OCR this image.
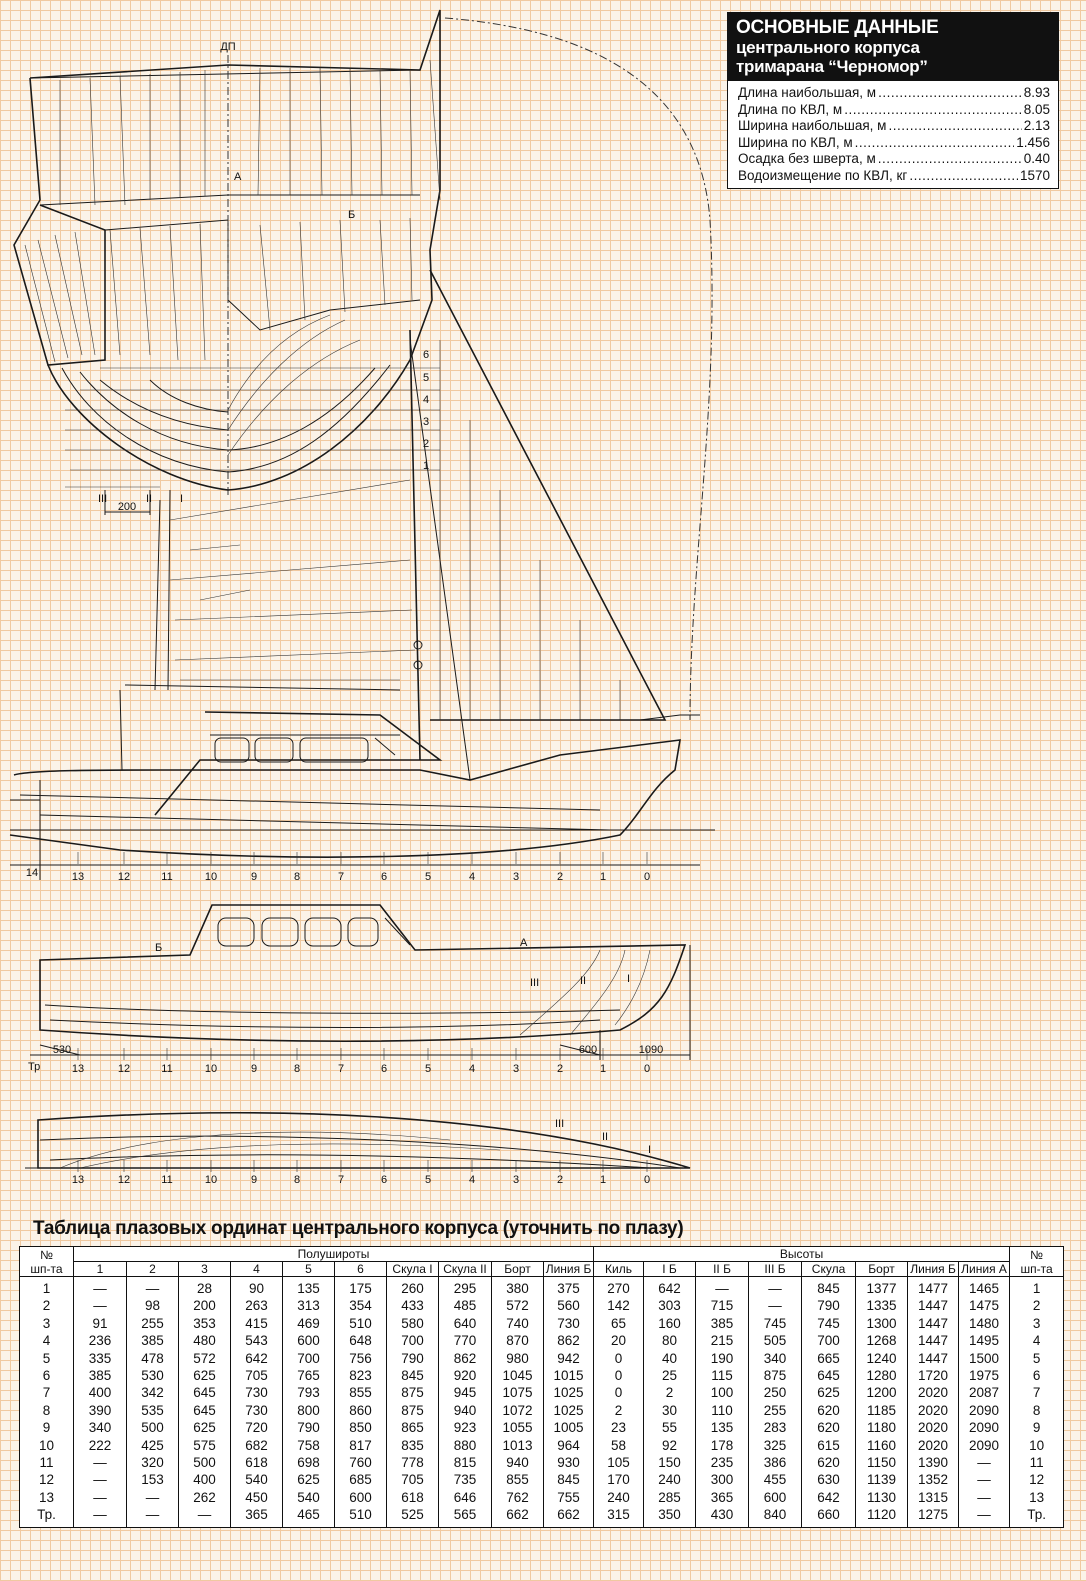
ДП
А
Б
6
5
4
3
2
1
200
III	II	I
14	13	12	11	10	9	8	7	6	5	4	3	2	1	0
Б	А
III	II	I
530	600	1090
Тр	13	12	11	10	9	8	7	6	5	4	3	2	1	0
III
II
I
13	12	11	10	9	8	7	6	5	4	3	2	1	0
ОСНОВНЫЕ ДАННЫЕ
центрального корпуса
тримарана “Черномор”
Длина наибольшая, м .....	8.93
Длина по КВЛ, м .....	8.05
Ширина наибольшая, м .....	2.13
Ширина по КВЛ, м .....	1.456
Осадка без шверта, м .....	0.40
Водоизмещение по КВЛ, кг .....	1570
Таблица плазовых ординат центрального корпуса (уточнить по плазу)
№
шп-та	Полуширoты										Высоты								№
шп-та
	1	2	3	4	5	6	Скула I	Скула II	Борт	Линия Б	Киль	I Б	II Б	III Б	Скула	Борт	Линия Б	Линия А	
1	—	—	28	90	135	175	260	295	380	375	270	642	—	—	845	1377	1477	1465	1
2	—	98	200	263	313	354	433	485	572	560	142	303	715	—	790	1335	1447	1475	2
3	91	255	353	415	469	510	580	640	740	730	65	160	385	745	745	1300	1447	1480	3
4	236	385	480	543	600	648	700	770	870	862	20	80	215	505	700	1268	1447	1495	4
5	335	478	572	642	700	756	790	862	980	942	0	40	190	340	665	1240	1447	1500	5
6	385	530	625	705	765	823	845	920	1045	1015	0	25	115	875	645	1280	1720	1975	6
7	400	342	645	730	793	855	875	945	1075	1025	0	2	100	250	625	1200	2020	2087	7
8	390	535	645	730	800	860	875	940	1072	1025	2	30	110	255	620	1185	2020	2090	8
9	340	500	625	720	790	850	865	923	1055	1005	23	55	135	283	620	1180	2020	2090	9
10	222	425	575	682	758	817	835	880	1013	964	58	92	178	325	615	1160	2020	2090	10
11	—	320	500	618	698	760	778	815	940	930	105	150	235	386	620	1150	1390	—	11
12	—	153	400	540	625	685	705	735	855	845	170	240	300	455	630	1139	1352	—	12
13	—	—	262	450	540	600	618	646	762	755	240	285	365	600	642	1130	1315	—	13
Тр.	—	—	—	365	465	510	525	565	662	662	315	350	430	840	660	1120	1275	—	Тр.
